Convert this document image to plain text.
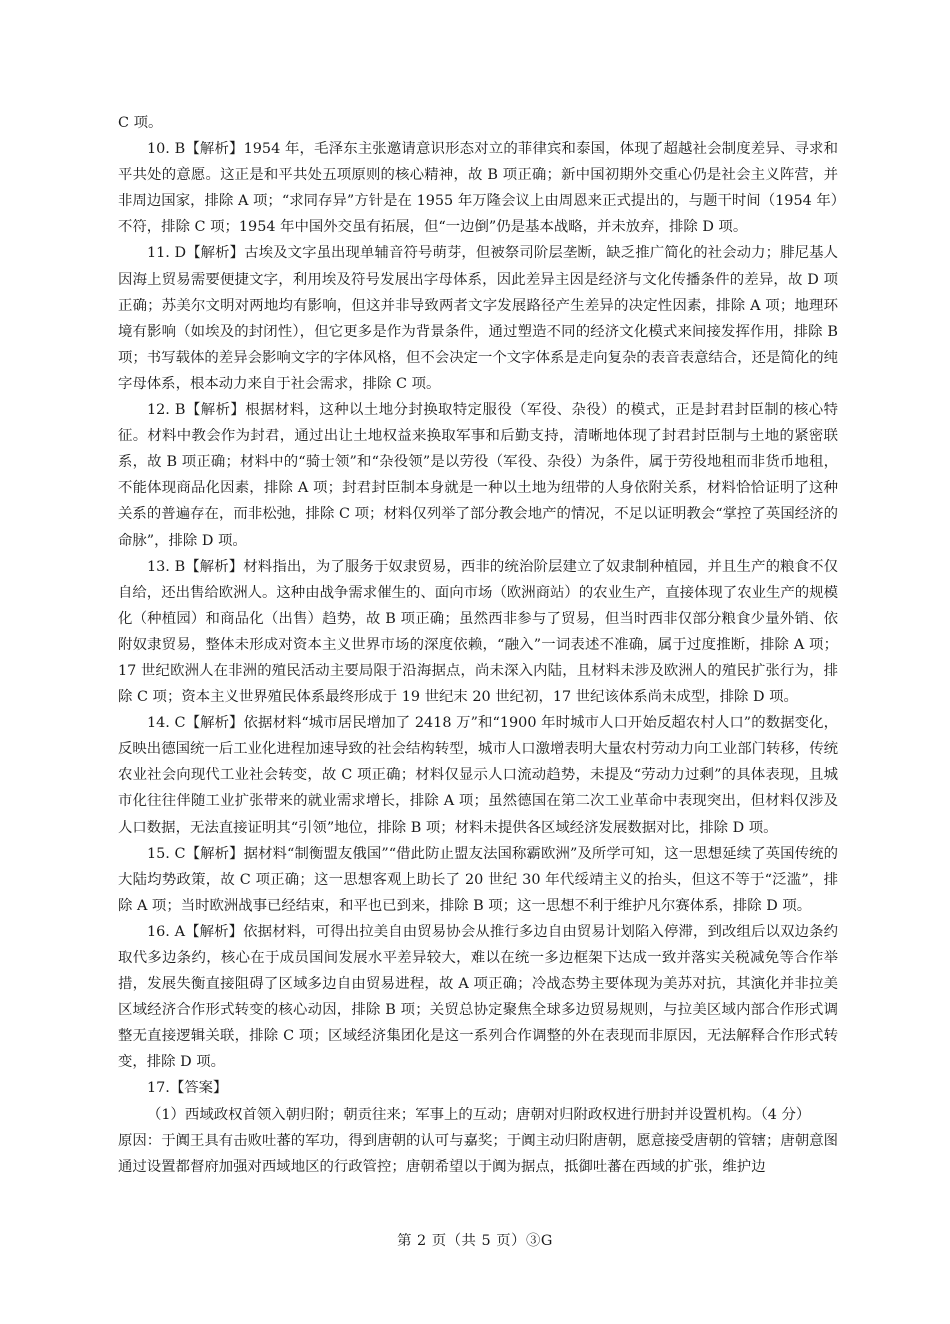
C 项。

10. B【解析】1954 年，毛泽东主张邀请意识形态对立的菲律宾和泰国，体现了超越社会制度差异、寻求和平共处的意愿。这正是和平共处五项原则的核心精神，故 B 项正确；新中国初期外交重心仍是社会主义阵营，并非周边国家，排除 A 项；“求同存异”方针是在 1955 年万隆会议上由周恩来正式提出的，与题干时间（1954 年）不符，排除 C 项；1954 年中国外交虽有拓展，但“一边倒”仍是基本战略，并未放弃，排除 D 项。

11. D【解析】古埃及文字虽出现单辅音符号萌芽，但被祭司阶层垄断，缺乏推广简化的社会动力；腓尼基人因海上贸易需要便捷文字，利用埃及符号发展出字母体系，因此差异主因是经济与文化传播条件的差异，故 D 项正确；苏美尔文明对两地均有影响，但这并非导致两者文字发展路径产生差异的决定性因素，排除 A 项；地理环境有影响（如埃及的封闭性），但它更多是作为背景条件，通过塑造不同的经济文化模式来间接发挥作用，排除 B 项；书写载体的差异会影响文字的字体风格，但不会决定一个文字体系是走向复杂的表音表意结合，还是简化的纯字母体系，根本动力来自于社会需求，排除 C 项。

12. B【解析】根据材料，这种以土地分封换取特定服役（军役、杂役）的模式，正是封君封臣制的核心特征。材料中教会作为封君，通过出让土地权益来换取军事和后勤支持，清晰地体现了封君封臣制与土地的紧密联系，故 B 项正确；材料中的“骑士领”和“杂役领”是以劳役（军役、杂役）为条件，属于劳役地租而非货币地租，不能体现商品化因素，排除 A 项；封君封臣制本身就是一种以土地为纽带的人身依附关系，材料恰恰证明了这种关系的普遍存在，而非松弛，排除 C 项；材料仅列举了部分教会地产的情况，不足以证明教会“掌控了英国经济的命脉”，排除 D 项。

13. B【解析】材料指出，为了服务于奴隶贸易，西非的统治阶层建立了奴隶制种植园，并且生产的粮食不仅自给，还出售给欧洲人。这种由战争需求催生的、面向市场（欧洲商站）的农业生产，直接体现了农业生产的规模化（种植园）和商品化（出售）趋势，故 B 项正确；虽然西非参与了贸易，但当时西非仅部分粮食少量外销、依附奴隶贸易，整体未形成对资本主义世界市场的深度依赖，“融入”一词表述不准确，属于过度推断，排除 A 项；17 世纪欧洲人在非洲的殖民活动主要局限于沿海据点，尚未深入内陆，且材料未涉及欧洲人的殖民扩张行为，排除 C 项；资本主义世界殖民体系最终形成于 19 世纪末 20 世纪初，17 世纪该体系尚未成型，排除 D 项。

14. C【解析】依据材料“城市居民增加了 2418 万”和“1900 年时城市人口开始反超农村人口”的数据变化，反映出德国统一后工业化进程加速导致的社会结构转型，城市人口激增表明大量农村劳动力向工业部门转移，传统农业社会向现代工业社会转变，故 C 项正确；材料仅显示人口流动趋势，未提及“劳动力过剩”的具体表现，且城市化往往伴随工业扩张带来的就业需求增长，排除 A 项；虽然德国在第二次工业革命中表现突出，但材料仅涉及人口数据，无法直接证明其“引领”地位，排除 B 项；材料未提供各区域经济发展数据对比，排除 D 项。

15. C【解析】据材料“制衡盟友俄国”“借此防止盟友法国称霸欧洲”及所学可知，这一思想延续了英国传统的大陆均势政策，故 C 项正确；这一思想客观上助长了 20 世纪 30 年代绥靖主义的抬头，但这不等于“泛滥”，排除 A 项；当时欧洲战事已经结束，和平也已到来，排除 B 项；这一思想不利于维护凡尔赛体系，排除 D 项。

16. A【解析】依据材料，可得出拉美自由贸易协会从推行多边自由贸易计划陷入停滞，到改组后以双边条约取代多边条约，核心在于成员国间发展水平差异较大，难以在统一多边框架下达成一致并落实关税减免等合作举措，发展失衡直接阻碍了区域多边自由贸易进程，故 A 项正确；冷战态势主要体现为美苏对抗，其演化并非拉美区域经济合作形式转变的核心动因，排除 B 项；关贸总协定聚焦全球多边贸易规则，与拉美区域内部合作形式调整无直接逻辑关联，排除 C 项；区域经济集团化是这一系列合作调整的外在表现而非原因，无法解释合作形式转变，排除 D 项。

17.【答案】

（1）西域政权首领入朝归附；朝贡往来；军事上的互动；唐朝对归附政权进行册封并设置机构。（4 分）

原因：于阗王具有击败吐蕃的军功，得到唐朝的认可与嘉奖；于阗主动归附唐朝，愿意接受唐朝的管辖；唐朝意图通过设置都督府加强对西域地区的行政管控；唐朝希望以于阗为据点，抵御吐蕃在西域的扩张，维护边

第 2 页（共 5 页）③G
